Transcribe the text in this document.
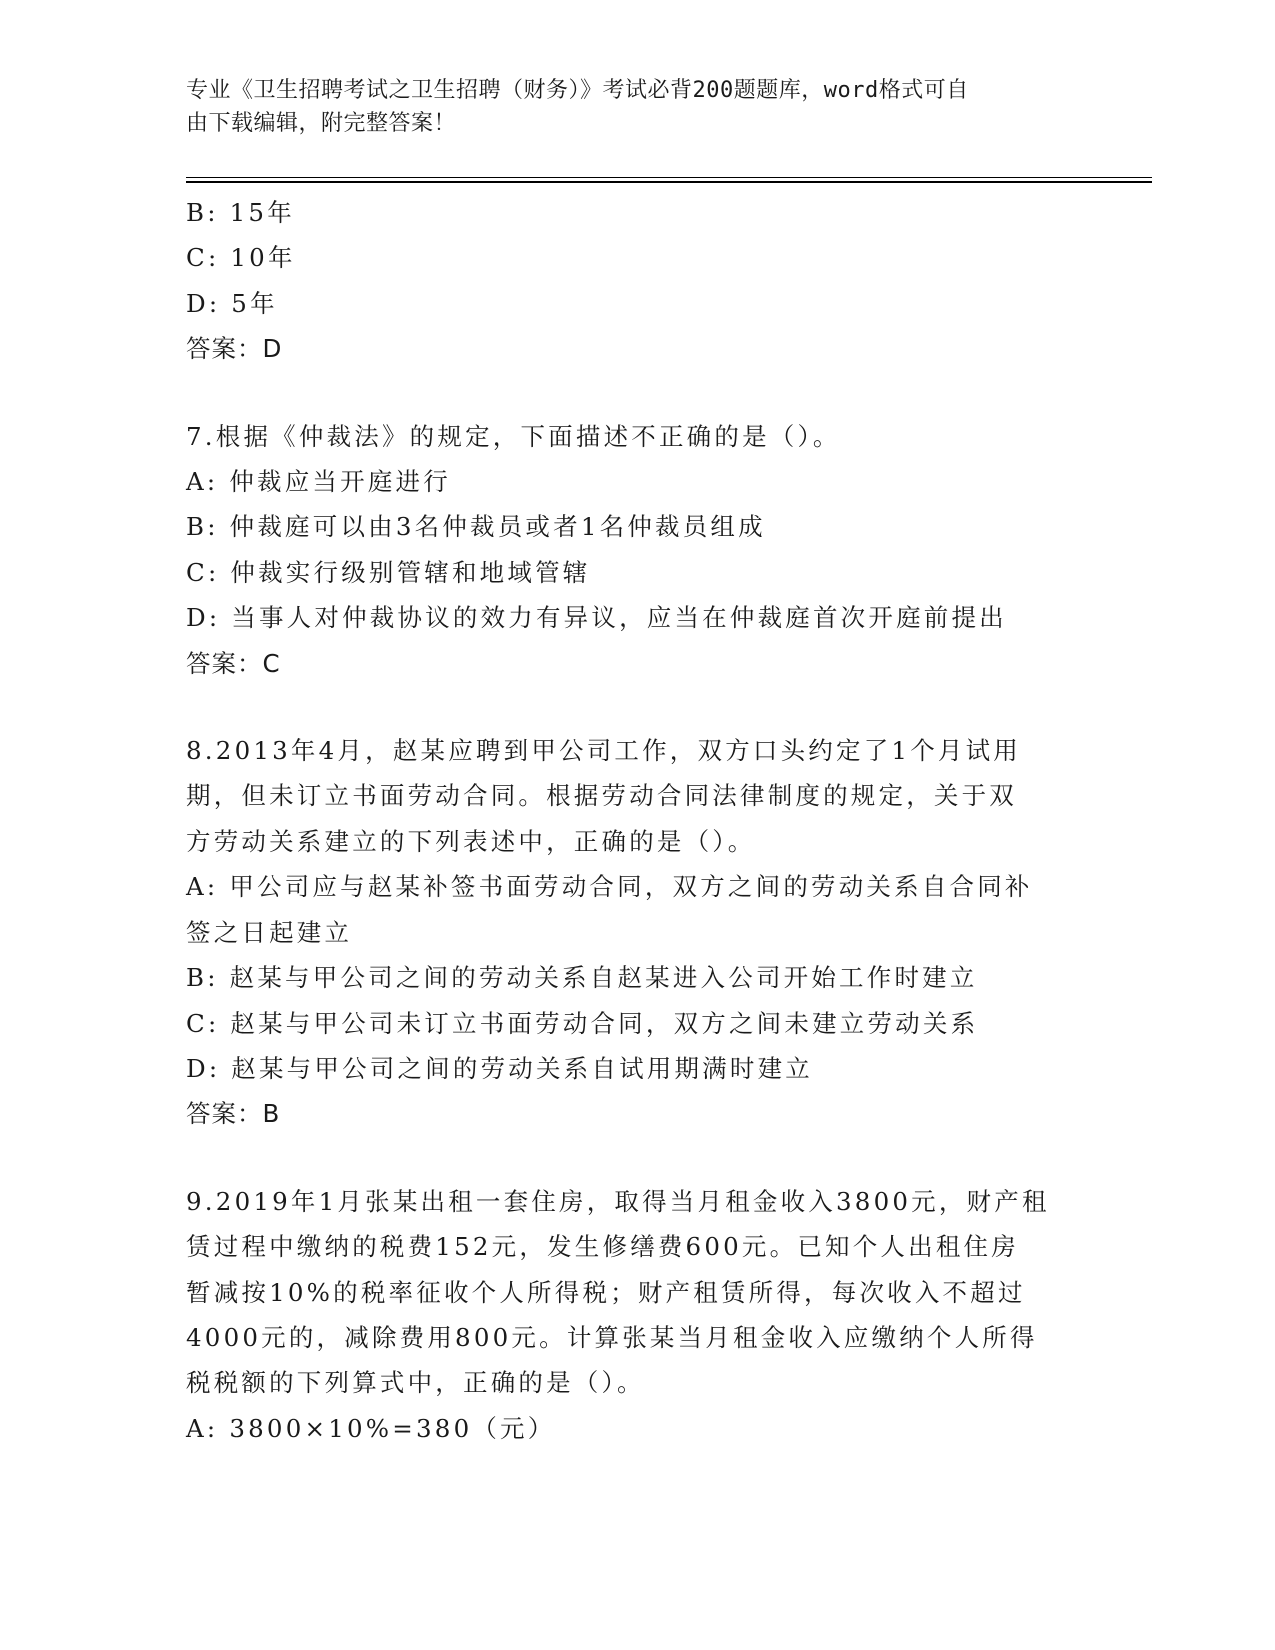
专业《卫生招聘考试之卫生招聘（财务）》考试必背200题题库，word格式可自
由下载编辑，附完整答案！
B: 15年
C: 10年
D: 5年
答案：D
7.根据《仲裁法》的规定，下面描述不正确的是（）。
A: 仲裁应当开庭进行
B: 仲裁庭可以由3名仲裁员或者1名仲裁员组成
C: 仲裁实行级别管辖和地域管辖
D: 当事人对仲裁协议的效力有异议，应当在仲裁庭首次开庭前提出
答案：C
8.2013年4月，赵某应聘到甲公司工作，双方口头约定了1个月试用
期，但未订立书面劳动合同。根据劳动合同法律制度的规定，关于双
方劳动关系建立的下列表述中，正确的是（）。
A: 甲公司应与赵某补签书面劳动合同，双方之间的劳动关系自合同补
签之日起建立
B: 赵某与甲公司之间的劳动关系自赵某进入公司开始工作时建立
C: 赵某与甲公司未订立书面劳动合同，双方之间未建立劳动关系
D: 赵某与甲公司之间的劳动关系自试用期满时建立
答案：B
9.2019年1月张某出租一套住房，取得当月租金收入3800元，财产租
赁过程中缴纳的税费152元，发生修缮费600元。已知个人出租住房
暂减按10%的税率征收个人所得税；财产租赁所得，每次收入不超过
4000元的，减除费用800元。计算张某当月租金收入应缴纳个人所得
税税额的下列算式中，正确的是（）。
A: 3800×10%=380（元）
